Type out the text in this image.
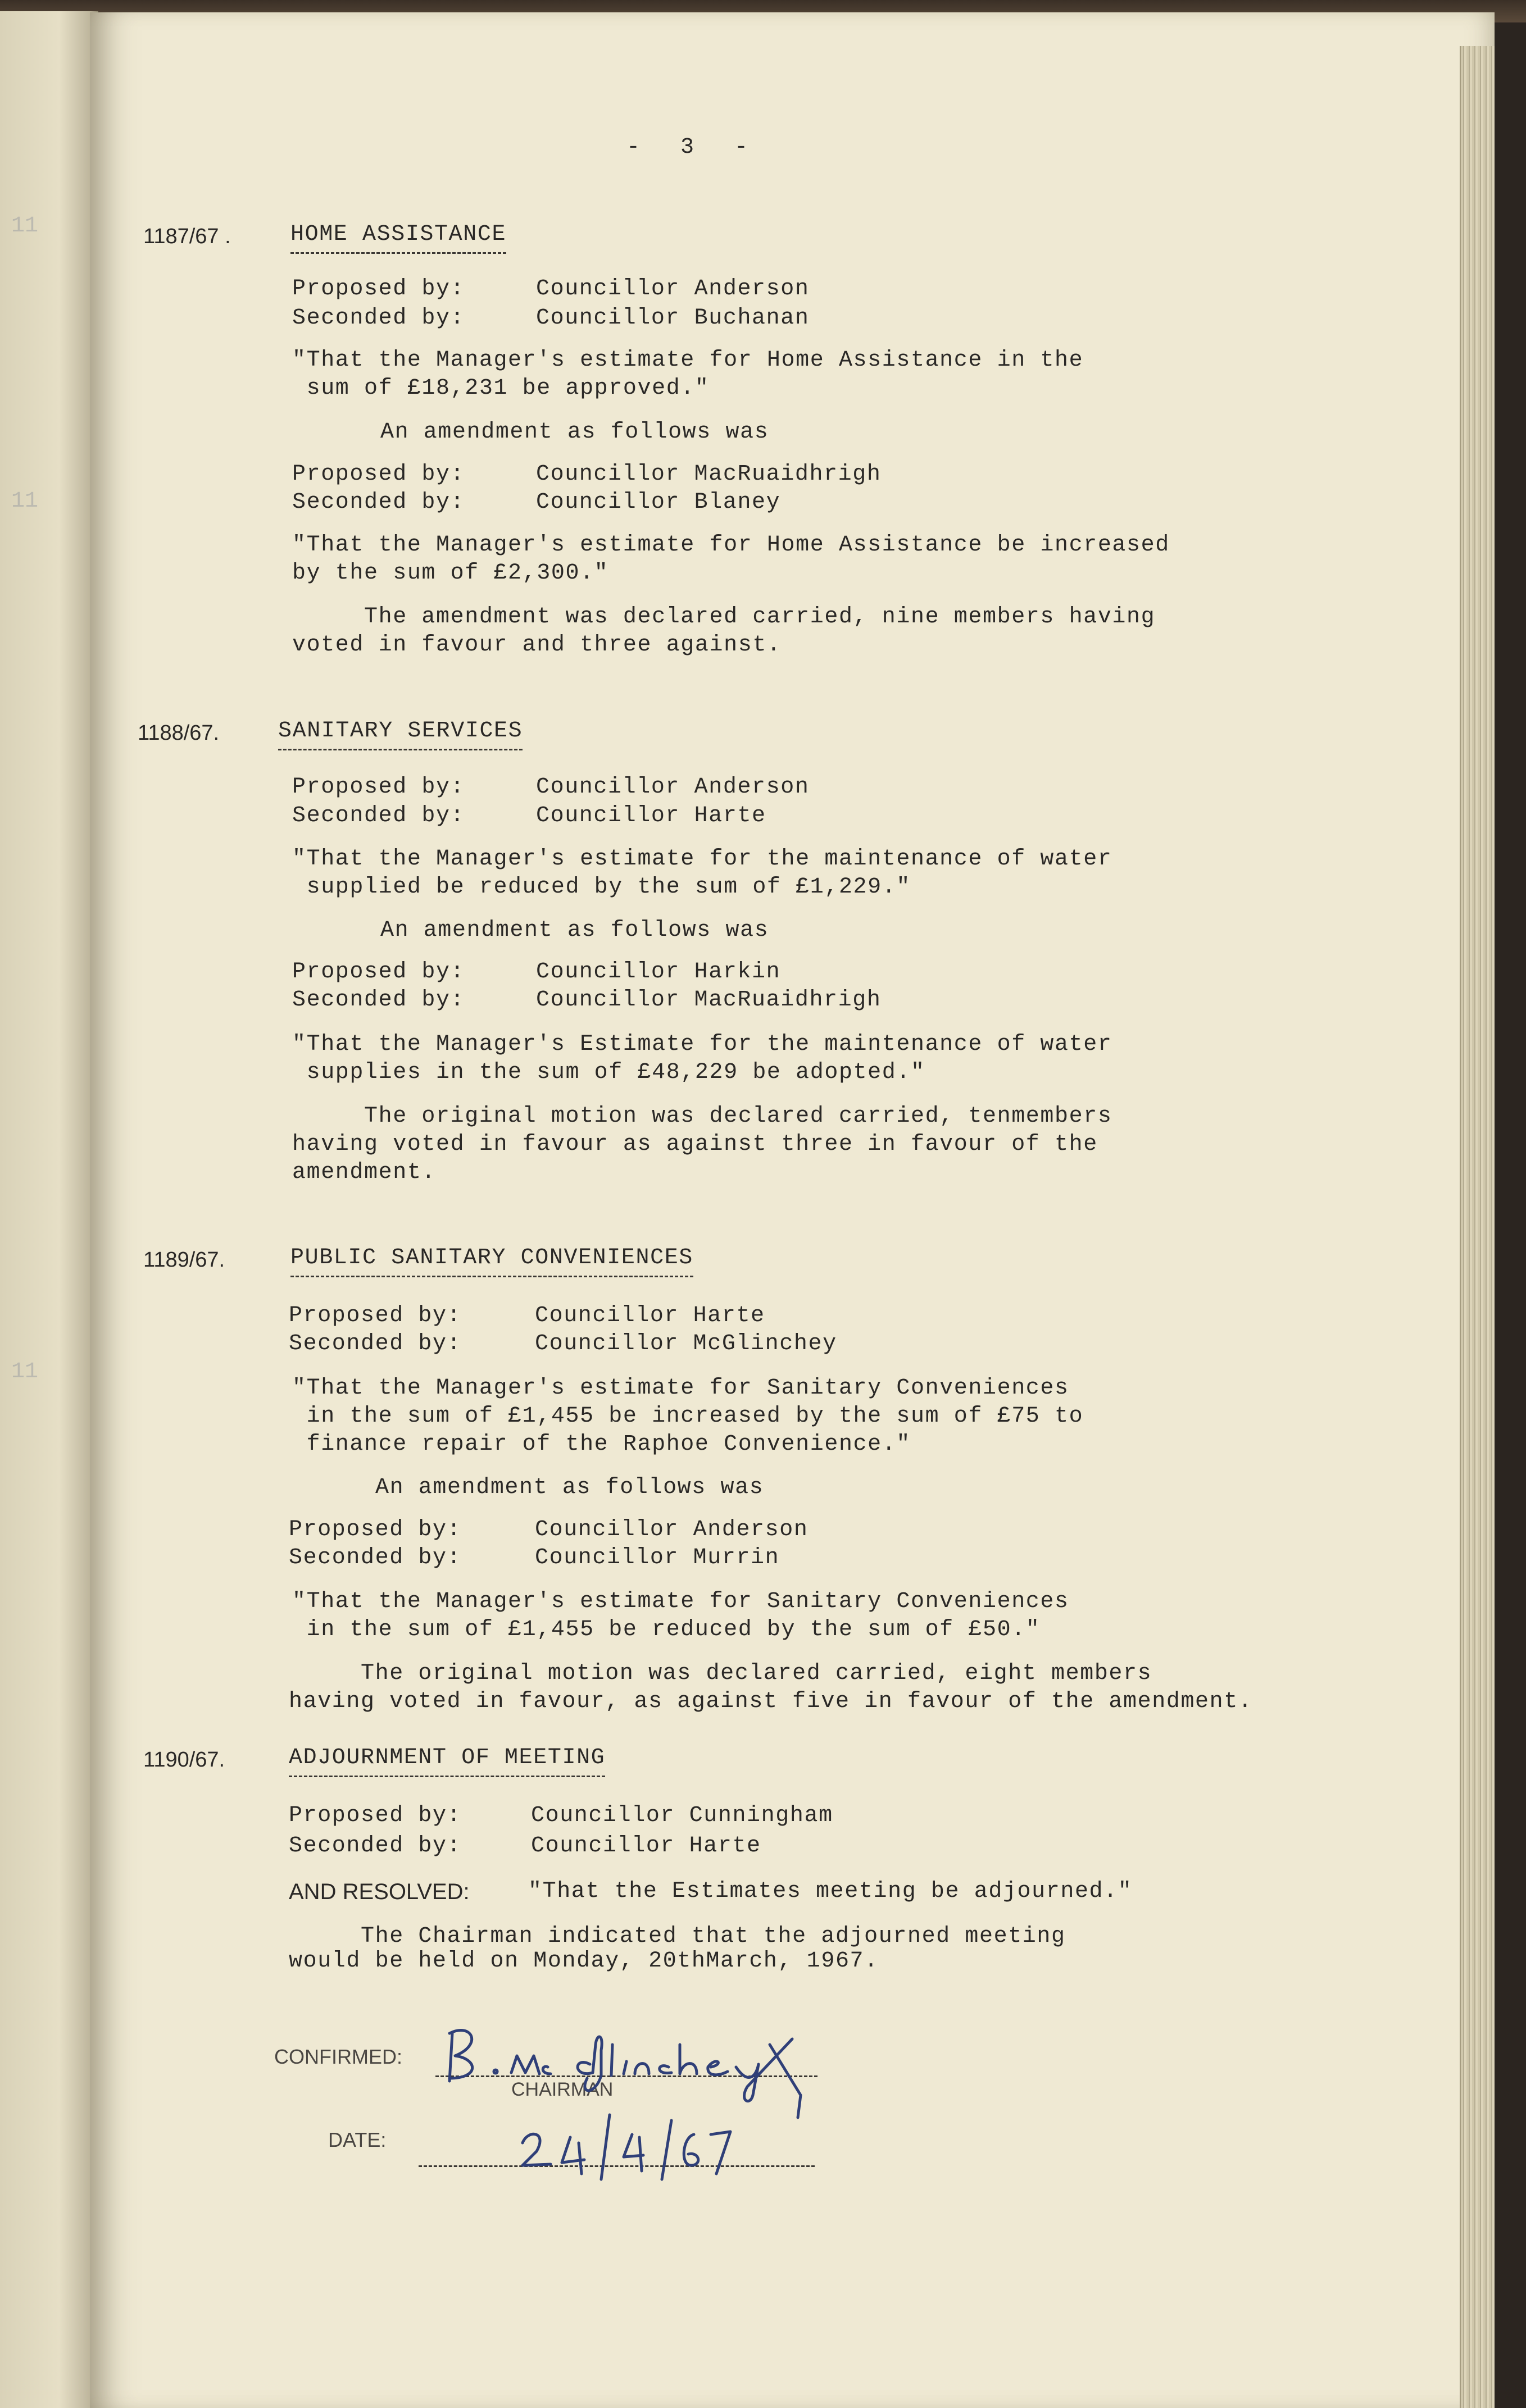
11
11
11
- 3 -
1187/67 .	HOME ASSISTANCE
Proposed by:	Councillor Anderson
Seconded by:	Councillor Buchanan
"That the Manager's estimate for Home Assistance in the
sum of £18,231 be approved."
An amendment as follows was
Proposed by:	Councillor MacRuaidhrigh
Seconded by:	Councillor Blaney
"That the Manager's estimate for Home Assistance be increased
by the sum of £2,300."
The amendment was declared carried, nine members having
voted in favour and three against.
1188/67.	SANITARY SERVICES
Proposed by:	Councillor Anderson
Seconded by:	Councillor Harte
"That the Manager's estimate for the maintenance of water
supplied be reduced by the sum of £1,229."
An amendment as follows was
Proposed by:	Councillor Harkin
Seconded by:	Councillor MacRuaidhrigh
"That the Manager's Estimate for the maintenance of water
supplies in the sum of £48,229 be adopted."
The original motion was declared carried, tenmembers
having voted in favour as against three in favour of the
amendment.
1189/67.	PUBLIC SANITARY CONVENIENCES
Proposed by:	Councillor Harte
Seconded by:	Councillor McGlinchey
"That the Manager's estimate for Sanitary Conveniences
in the sum of £1,455 be increased by the sum of £75 to
finance repair of the Raphoe Convenience."
An amendment as follows was
Proposed by:	Councillor Anderson
Seconded by:	Councillor Murrin
"That the Manager's estimate for Sanitary Conveniences
in the sum of £1,455 be reduced by the sum of £50."
The original motion was declared carried, eight members
having voted in favour, as against five in favour of the amendment.
1190/67.	ADJOURNMENT OF MEETING
Proposed by:	Councillor Cunningham
Seconded by:	Councillor Harte
AND RESOLVED:	"That the Estimates meeting be adjourned."
The Chairman indicated that the adjourned meeting
would be held on Monday, 20thMarch, 1967.
CONFIRMED:
CHAIRMAN
B. Mc Glinchey
DATE:
24/4/67
